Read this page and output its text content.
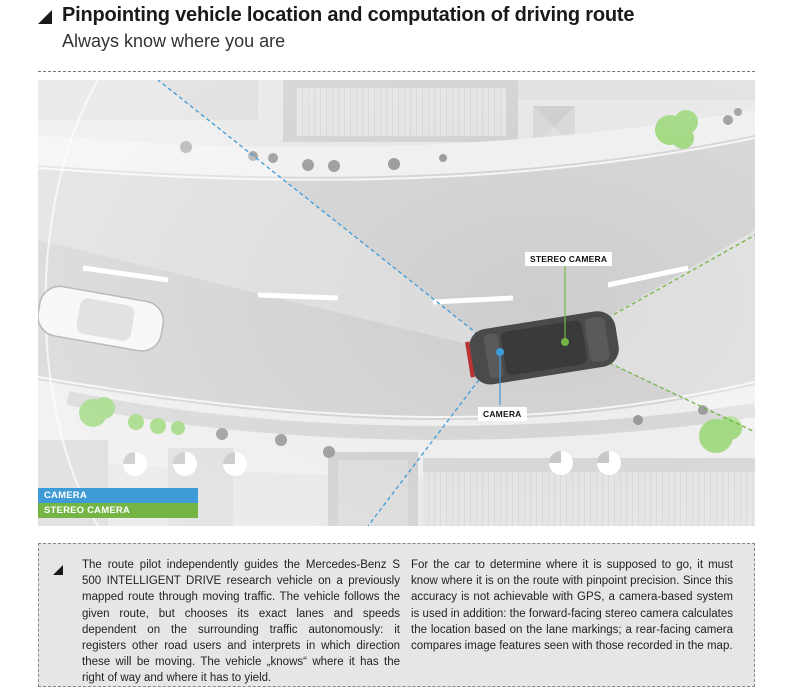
Pinpointing vehicle location and computation of driving route
Always know where you are
STEREO CAMERA
CAMERA
CAMERA
STEREO CAMERA
The route pilot independently guides the Mercedes-Benz S 500 INTELLIGENT DRIVE research vehicle on a previously mapped route through moving traffic. The vehicle follows the given route, but chooses its exact lanes and speeds dependent on the surrounding traffic autonomously: it registers other road users and interprets in which direction these will be moving. The vehicle „knows“ where it has the right of way and where it has to yield.
For the car to determine where it is supposed to go, it must know where it is on the route with pinpoint precision. Since this accuracy is not achievable with GPS, a camera-based system is used in addition: the forward-facing stereo camera calculates the location based on the lane markings; a rear-facing camera compares image features seen with those recorded in the map.
